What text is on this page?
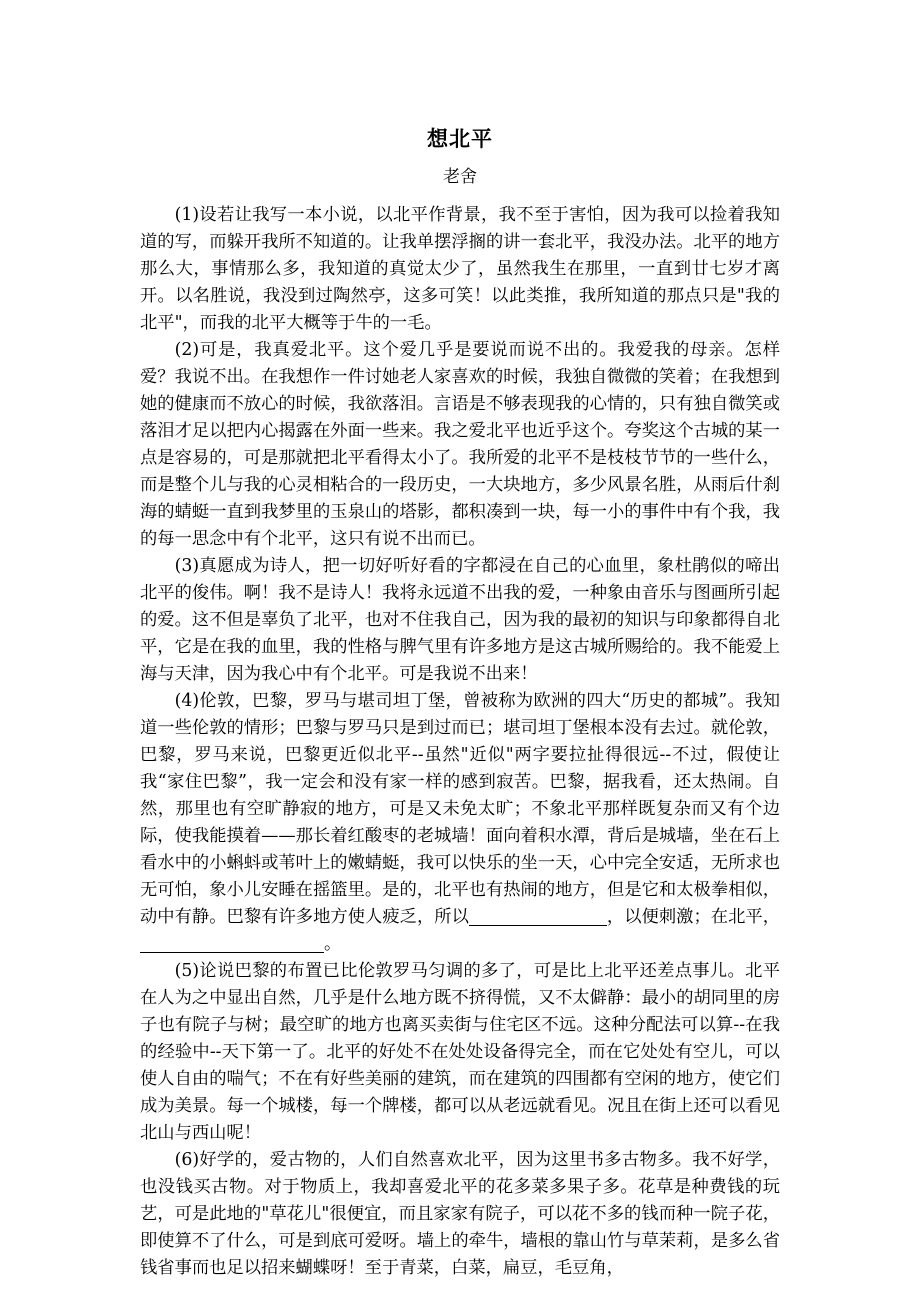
想北平
老舍

(1)设若让我写一本小说，以北平作背景，我不至于害怕，因为我可以捡着我知道的写，而躲开我所不知道的。让我单摆浮搁的讲一套北平，我没办法。北平的地方那么大，事情那么多，我知道的真觉太少了，虽然我生在那里，一直到廿七岁才离开。以名胜说，我没到过陶然亭，这多可笑！以此类推，我所知道的那点只是"我的北平"，而我的北平大概等于牛的一毛。

(2)可是，我真爱北平。这个爱几乎是要说而说不出的。我爱我的母亲。怎样爱？我说不出。在我想作一件讨她老人家喜欢的时候，我独自微微的笑着；在我想到她的健康而不放心的时候，我欲落泪。言语是不够表现我的心情的，只有独自微笑或落泪才足以把内心揭露在外面一些来。我之爱北平也近乎这个。夸奖这个古城的某一点是容易的，可是那就把北平看得太小了。我所爱的北平不是枝枝节节的一些什么，而是整个儿与我的心灵相粘合的一段历史，一大块地方，多少风景名胜，从雨后什刹海的蜻蜓一直到我梦里的玉泉山的塔影，都积凑到一块，每一小的事件中有个我，我的每一思念中有个北平，这只有说不出而已。

(3)真愿成为诗人，把一切好听好看的字都浸在自己的心血里，象杜鹃似的啼出北平的俊伟。啊！我不是诗人！我将永远道不出我的爱，一种象由音乐与图画所引起的爱。这不但是辜负了北平，也对不住我自己，因为我的最初的知识与印象都得自北平，它是在我的血里，我的性格与脾气里有许多地方是这古城所赐给的。我不能爱上海与天津，因为我心中有个北平。可是我说不出来！

(4)伦敦，巴黎，罗马与堪司坦丁堡，曾被称为欧洲的四大“历史的都城”。我知道一些伦敦的情形；巴黎与罗马只是到过而已；堪司坦丁堡根本没有去过。就伦敦，巴黎，罗马来说，巴黎更近似北平--虽然"近似"两字要拉扯得很远--不过，假使让我“家住巴黎”，我一定会和没有家一样的感到寂苦。巴黎，据我看，还太热闹。自然，那里也有空旷静寂的地方，可是又未免太旷；不象北平那样既复杂而又有个边际，使我能摸着——那长着红酸枣的老城墙！面向着积水潭，背后是城墙，坐在石上看水中的小蝌蚪或苇叶上的嫩蜻蜓，我可以快乐的坐一天，心中完全安适，无所求也无可怕，象小儿安睡在摇篮里。是的，北平也有热闹的地方，但是它和太极拳相似，动中有静。巴黎有许多地方使人疲乏，所以	，以便刺激；在北平，。

(5)论说巴黎的布置已比伦敦罗马匀调的多了，可是比上北平还差点事儿。北平在人为之中显出自然，几乎是什么地方既不挤得慌，又不太僻静：最小的胡同里的房子也有院子与树；最空旷的地方也离买卖街与住宅区不远。这种分配法可以算--在我的经验中--天下第一了。北平的好处不在处处设备得完全，而在它处处有空儿，可以使人自由的喘气；不在有好些美丽的建筑，而在建筑的四围都有空闲的地方，使它们成为美景。每一个城楼，每一个牌楼，都可以从老远就看见。况且在街上还可以看见北山与西山呢！

(6)好学的，爱古物的，人们自然喜欢北平，因为这里书多古物多。我不好学，也没钱买古物。对于物质上，我却喜爱北平的花多菜多果子多。花草是种费钱的玩艺，可是此地的"草花儿"很便宜，而且家家有院子，可以花不多的钱而种一院子花，即使算不了什么，可是到底可爱呀。墙上的牵牛，墙根的靠山竹与草茉莉，是多么省钱省事而也足以招来蝴蝶呀！至于青菜，白菜，扁豆，毛豆角，
